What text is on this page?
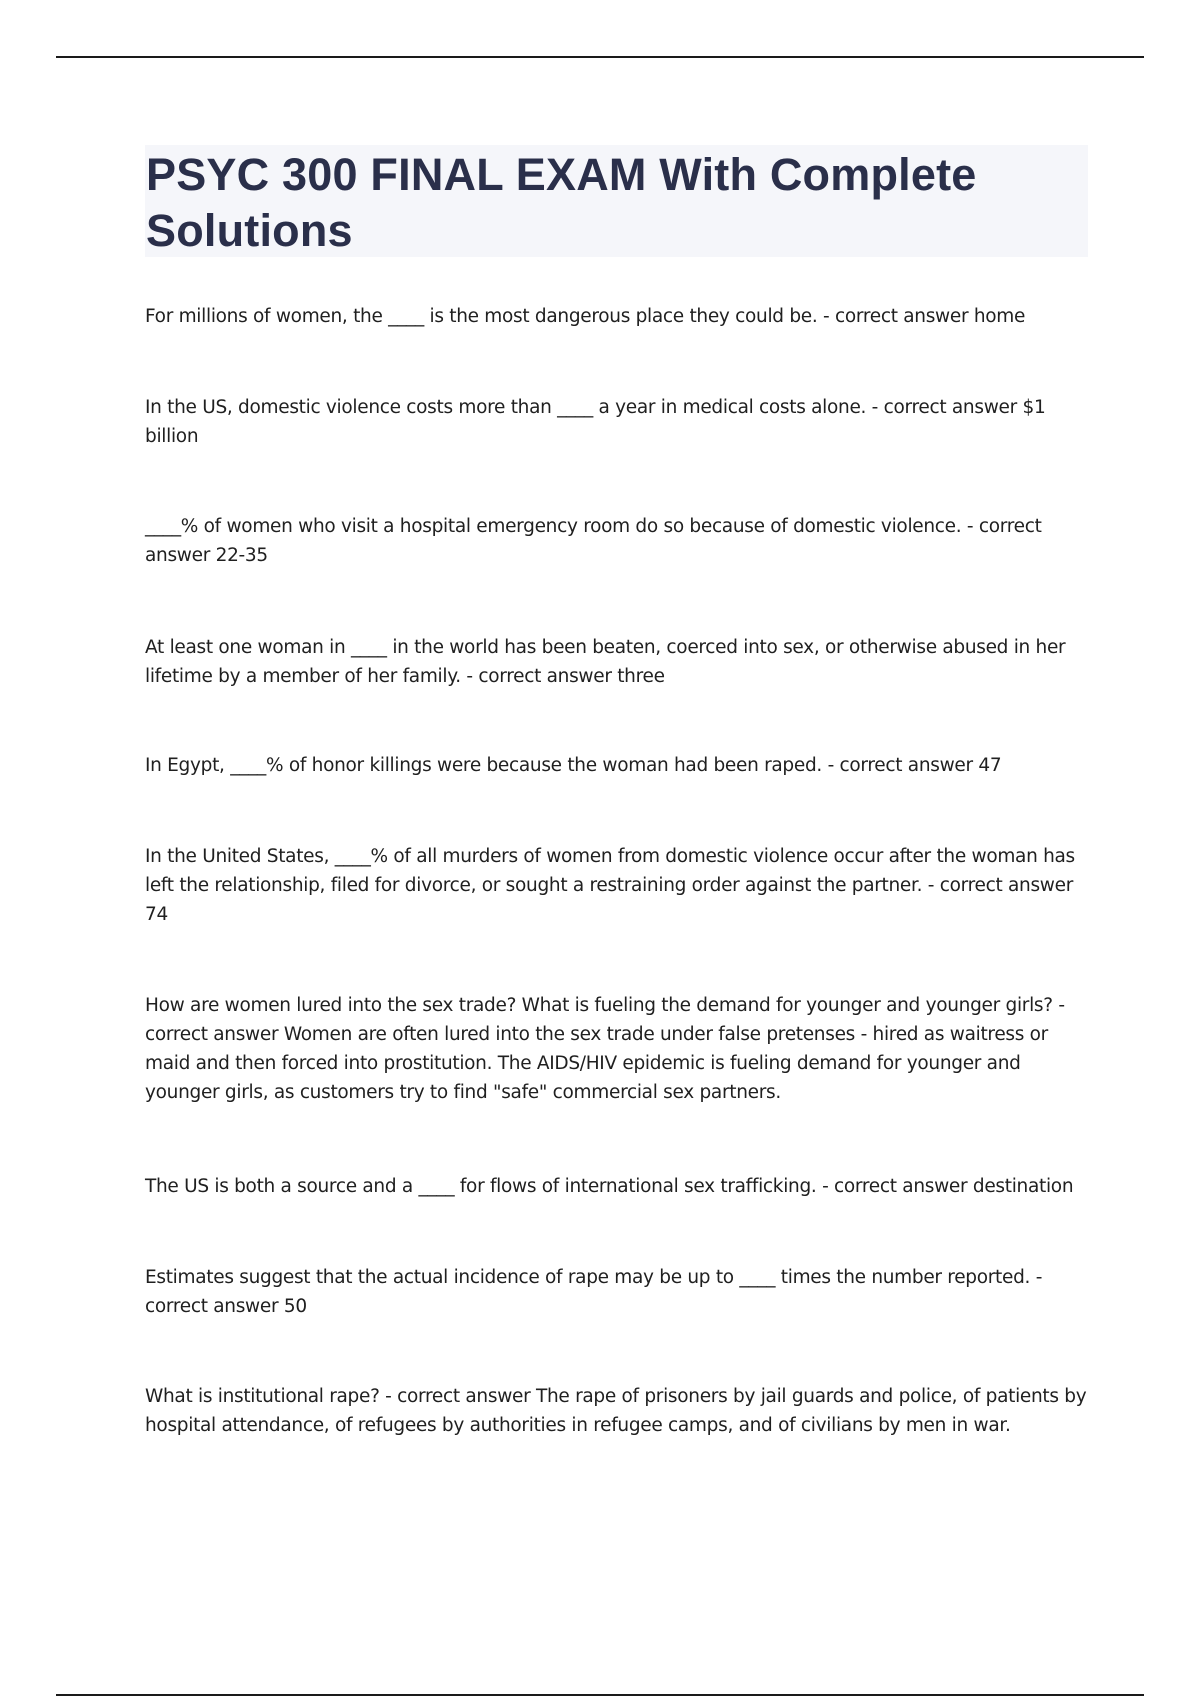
PSYC 300 FINAL EXAM With Complete Solutions

For millions of women, the ____ is the most dangerous place they could be. - correct answer home

In the US, domestic violence costs more than ____ a year in medical costs alone. - correct answer $1 billion

____% of women who visit a hospital emergency room do so because of domestic violence. - correct answer 22-35

At least one woman in ____ in the world has been beaten, coerced into sex, or otherwise abused in her lifetime by a member of her family. - correct answer three

In Egypt, ____% of honor killings were because the woman had been raped. - correct answer 47

In the United States, ____% of all murders of women from domestic violence occur after the woman has left the relationship, filed for divorce, or sought a restraining order against the partner. - correct answer 74

How are women lured into the sex trade? What is fueling the demand for younger and younger girls? - correct answer Women are often lured into the sex trade under false pretenses - hired as waitress or maid and then forced into prostitution. The AIDS/HIV epidemic is fueling demand for younger and younger girls, as customers try to find "safe" commercial sex partners.

The US is both a source and a ____ for flows of international sex trafficking. - correct answer destination

Estimates suggest that the actual incidence of rape may be up to ____ times the number reported. - correct answer 50

What is institutional rape? - correct answer The rape of prisoners by jail guards and police, of patients by hospital attendance, of refugees by authorities in refugee camps, and of civilians by men in war.
